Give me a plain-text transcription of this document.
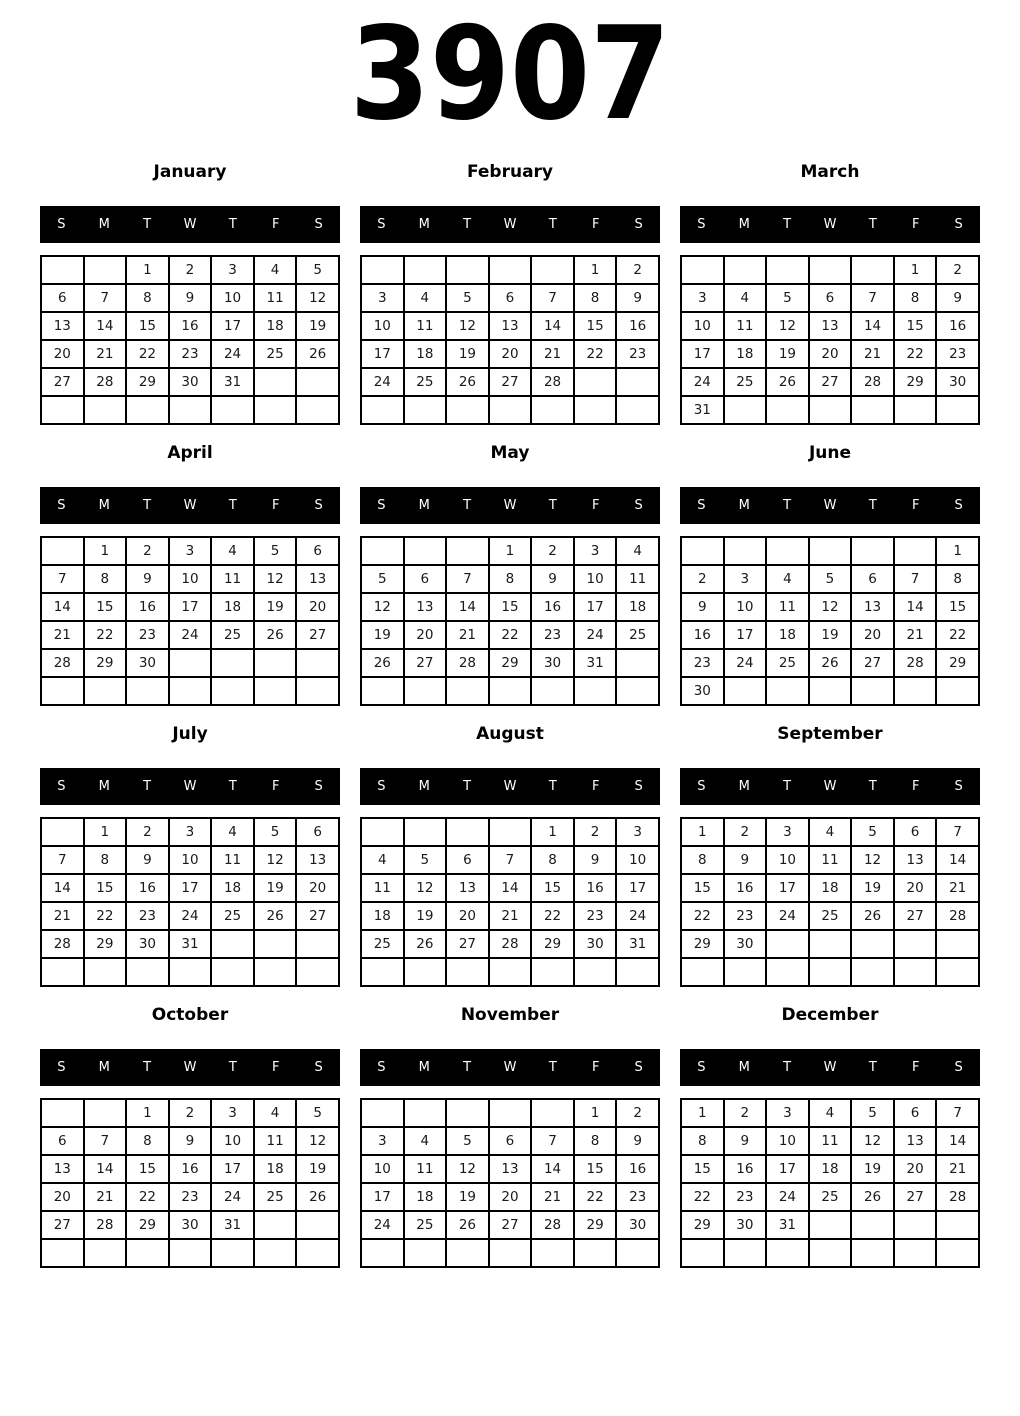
3907
January
S	M	T	W	T	F	S
		1	2	3	4	5
6	7	8	9	10	11	12
13	14	15	16	17	18	19
20	21	22	23	24	25	26
27	28	29	30	31		

February
S	M	T	W	T	F	S
					1	2
3	4	5	6	7	8	9
10	11	12	13	14	15	16
17	18	19	20	21	22	23
24	25	26	27	28		

March
S	M	T	W	T	F	S
					1	2
3	4	5	6	7	8	9
10	11	12	13	14	15	16
17	18	19	20	21	22	23
24	25	26	27	28	29	30
31						
April
S	M	T	W	T	F	S
	1	2	3	4	5	6
7	8	9	10	11	12	13
14	15	16	17	18	19	20
21	22	23	24	25	26	27
28	29	30				

May
S	M	T	W	T	F	S
			1	2	3	4
5	6	7	8	9	10	11
12	13	14	15	16	17	18
19	20	21	22	23	24	25
26	27	28	29	30	31	

June
S	M	T	W	T	F	S
						1
2	3	4	5	6	7	8
9	10	11	12	13	14	15
16	17	18	19	20	21	22
23	24	25	26	27	28	29
30						
July
S	M	T	W	T	F	S
	1	2	3	4	5	6
7	8	9	10	11	12	13
14	15	16	17	18	19	20
21	22	23	24	25	26	27
28	29	30	31			

August
S	M	T	W	T	F	S
				1	2	3
4	5	6	7	8	9	10
11	12	13	14	15	16	17
18	19	20	21	22	23	24
25	26	27	28	29	30	31

September
S	M	T	W	T	F	S
1	2	3	4	5	6	7
8	9	10	11	12	13	14
15	16	17	18	19	20	21
22	23	24	25	26	27	28
29	30					

October
S	M	T	W	T	F	S
		1	2	3	4	5
6	7	8	9	10	11	12
13	14	15	16	17	18	19
20	21	22	23	24	25	26
27	28	29	30	31		

November
S	M	T	W	T	F	S
					1	2
3	4	5	6	7	8	9
10	11	12	13	14	15	16
17	18	19	20	21	22	23
24	25	26	27	28	29	30

December
S	M	T	W	T	F	S
1	2	3	4	5	6	7
8	9	10	11	12	13	14
15	16	17	18	19	20	21
22	23	24	25	26	27	28
29	30	31				
